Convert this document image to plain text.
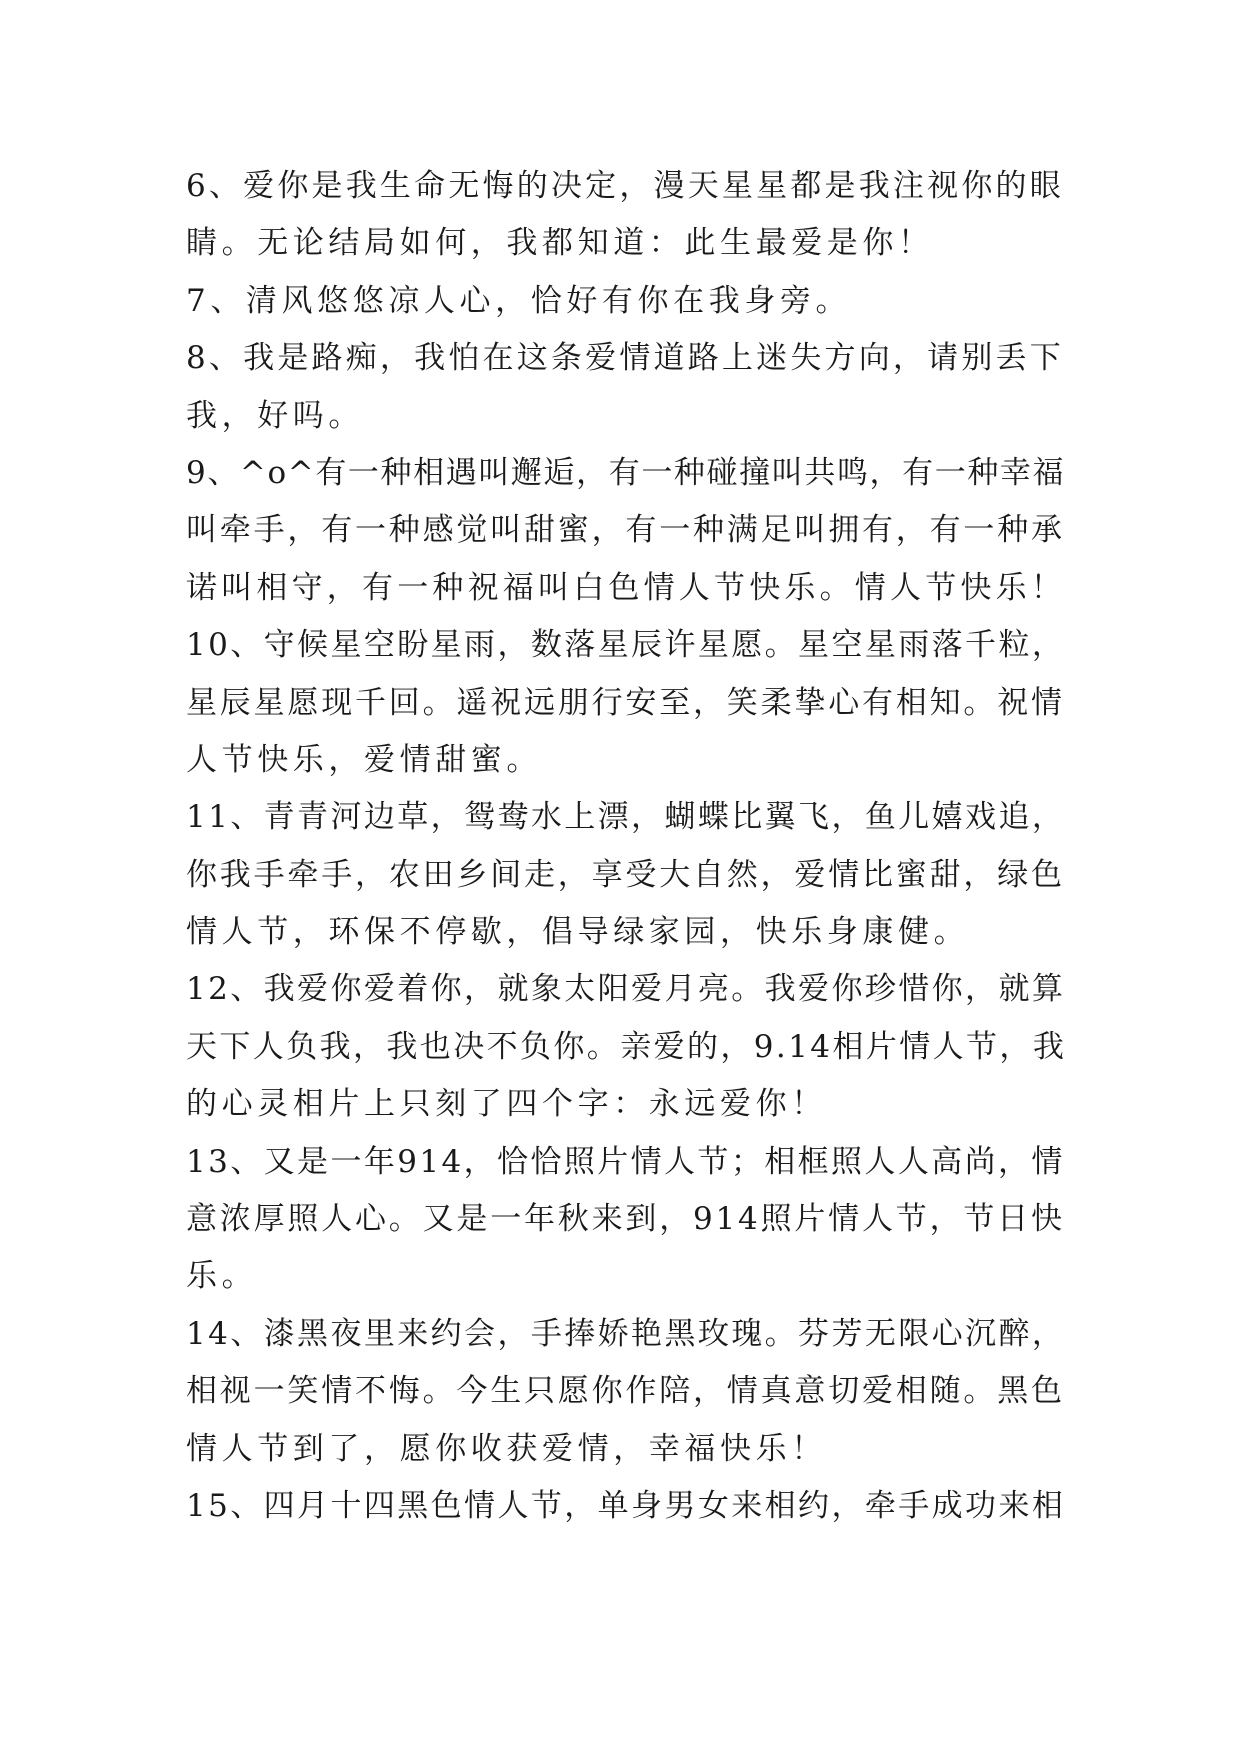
6、爱你是我生命无悔的决定，漫天星星都是我注视你的眼
睛。无论结局如何，我都知道：此生最爱是你！
7、清风悠悠凉人心，恰好有你在我身旁。
8、我是路痴，我怕在这条爱情道路上迷失方向，请别丢下
我，好吗。
9、^o^有一种相遇叫邂逅，有一种碰撞叫共鸣，有一种幸福
叫牵手，有一种感觉叫甜蜜，有一种满足叫拥有，有一种承
诺叫相守，有一种祝福叫白色情人节快乐。情人节快乐！
10、守候星空盼星雨，数落星辰许星愿。星空星雨落千粒，
星辰星愿现千回。遥祝远朋行安至，笑柔挚心有相知。祝情
人节快乐，爱情甜蜜。
11、青青河边草，鸳鸯水上漂，蝴蝶比翼飞，鱼儿嬉戏追，
你我手牵手，农田乡间走，享受大自然，爱情比蜜甜，绿色
情人节，环保不停歇，倡导绿家园，快乐身康健。
12、我爱你爱着你，就象太阳爱月亮。我爱你珍惜你，就算
天下人负我，我也决不负你。亲爱的，9.14相片情人节，我
的心灵相片上只刻了四个字：永远爱你！
13、又是一年914，恰恰照片情人节；相框照人人高尚，情
意浓厚照人心。又是一年秋来到，914照片情人节，节日快
乐。
14、漆黑夜里来约会，手捧娇艳黑玫瑰。芬芳无限心沉醉，
相视一笑情不悔。今生只愿你作陪，情真意切爱相随。黑色
情人节到了，愿你收获爱情，幸福快乐！
15、四月十四黑色情人节，单身男女来相约，牵手成功来相
